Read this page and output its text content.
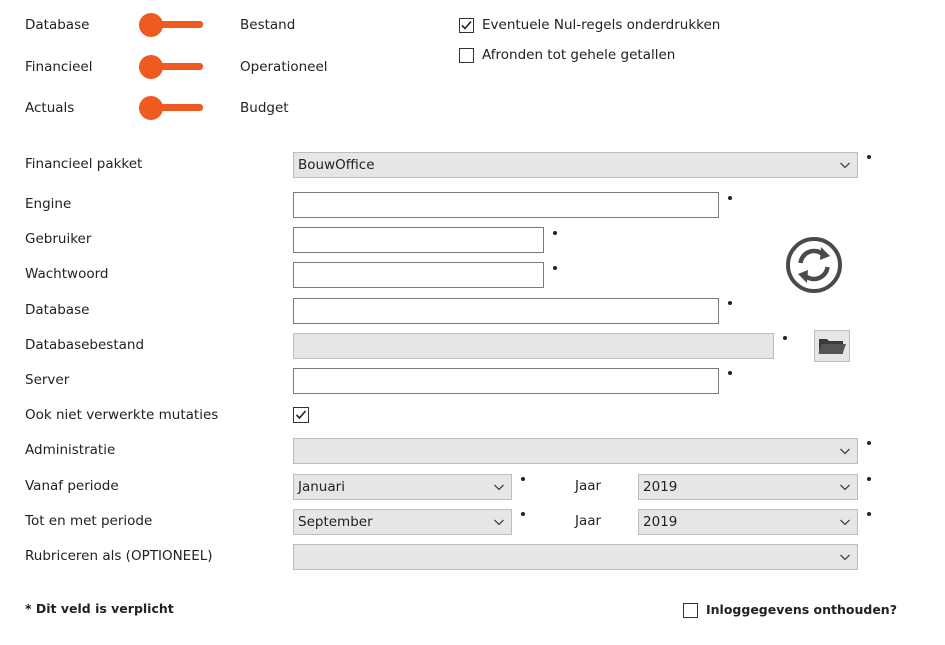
Database	Bestand
Financieel	Operationeel
Actuals	Budget
Eventuele Nul-regels onderdrukken
Afronden tot gehele getallen
Financieel pakket	BouwOffice
Engine
Gebruiker
Wachtwoord
Database
Databasebestand
Server
Ook niet verwerkte mutaties
Administratie
Vanaf periode	Januari	Jaar	2019
Tot en met periode	September	Jaar	2019
Rubriceren als (OPTIONEEL)
* Dit veld is verplicht	Inloggegevens onthouden?
